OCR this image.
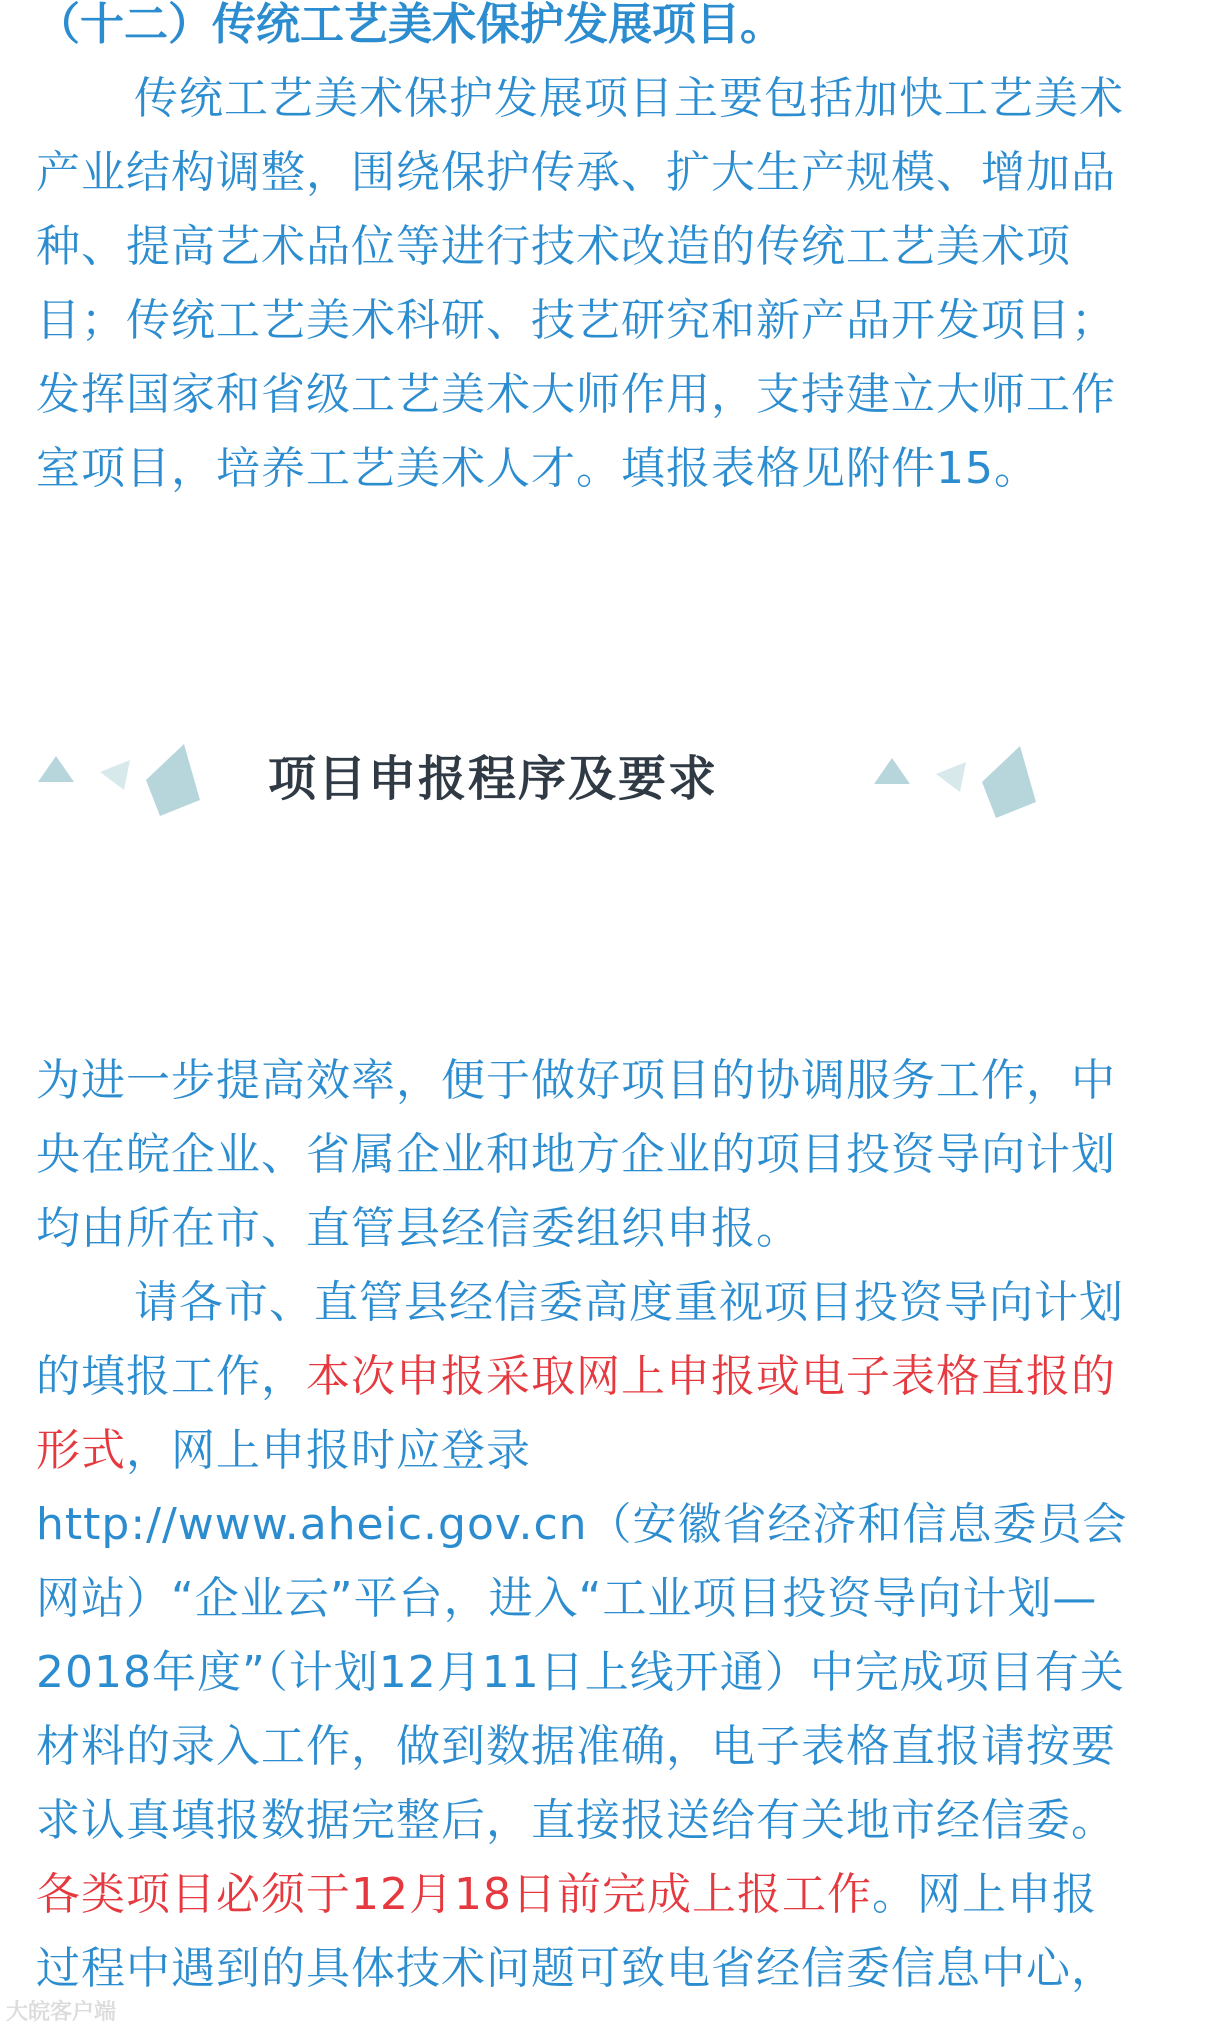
（十二）传统工艺美术保护发展项目。
传统工艺美术保护发展项目主要包括加快工艺美术
产业结构调整，围绕保护传承、扩大生产规模、增加品
种、提高艺术品位等进行技术改造的传统工艺美术项
目；传统工艺美术科研、技艺研究和新产品开发项目；
发挥国家和省级工艺美术大师作用，支持建立大师工作
室项目，培养工艺美术人才。填报表格见附件15。
项目申报程序及要求
为进一步提高效率，便于做好项目的协调服务工作，中
央在皖企业、省属企业和地方企业的项目投资导向计划
均由所在市、直管县经信委组织申报。
请各市、直管县经信委高度重视项目投资导向计划
的填报工作，本次申报采取网上申报或电子表格直报的
形式，网上申报时应登录
http://www.aheic.gov.cn（安徽省经济和信息委员会
网站）“企业云”平台，进入“工业项目投资导向计划—
2018年度”（计划12月11日上线开通）中完成项目有关
材料的录入工作，做到数据准确，电子表格直报请按要
求认真填报数据完整后，直接报送给有关地市经信委。
各类项目必须于12月18日前完成上报工作。网上申报
过程中遇到的具体技术问题可致电省经信委信息中心，
大皖客户端
